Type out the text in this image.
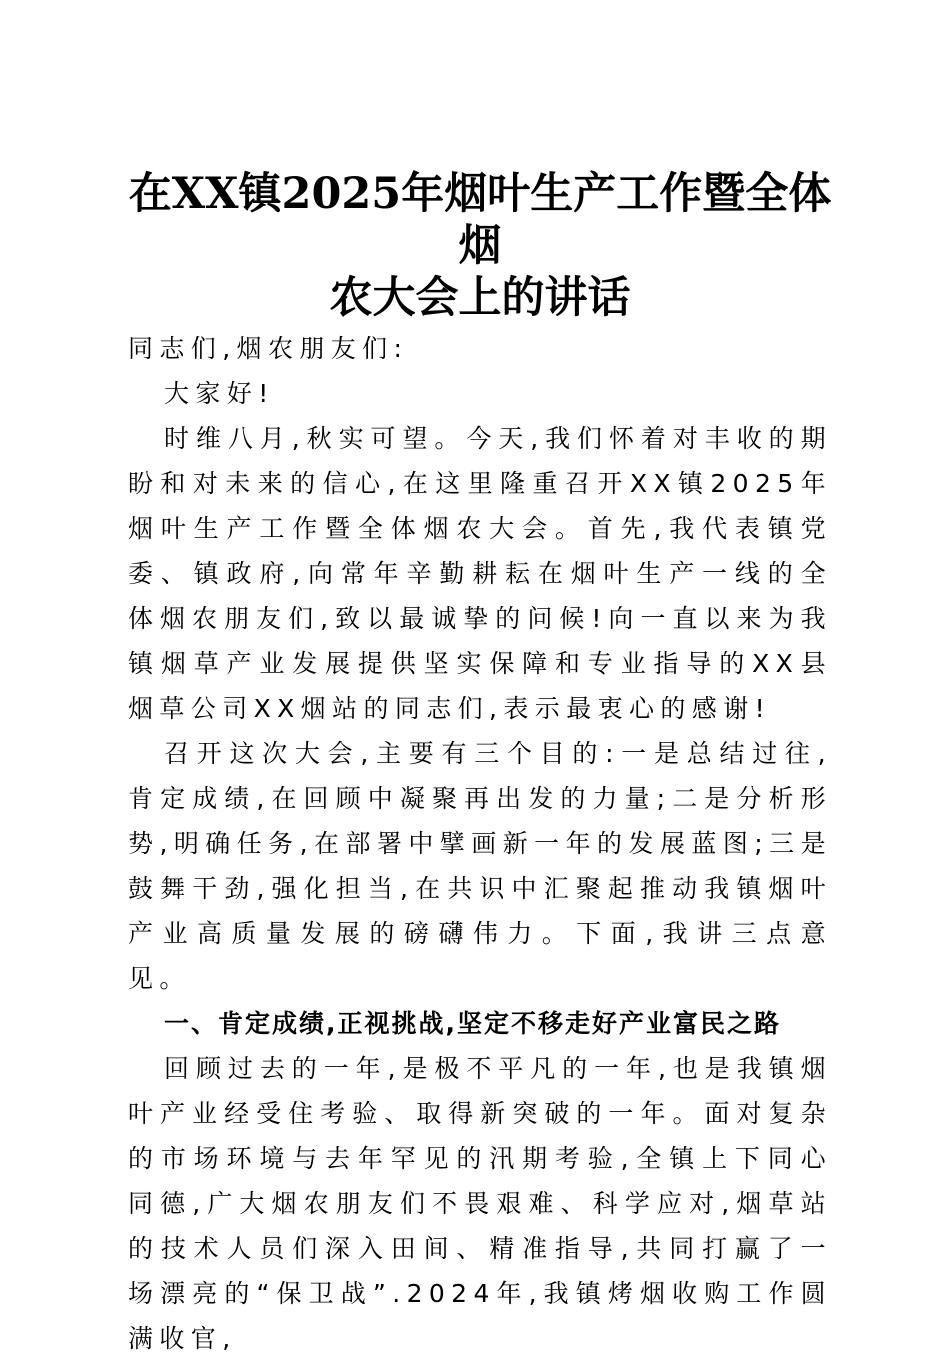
在XX镇2025年烟叶生产工作暨全体烟
农大会上的讲话

同志们,烟农朋友们:

大家好!

时维八月,秋实可望。今天,我们怀着对丰收的期盼和对未来的信心,在这里隆重召开XX镇2025年烟叶生产工作暨全体烟农大会。首先,我代表镇党委、镇政府,向常年辛勤耕耘在烟叶生产一线的全体烟农朋友们,致以最诚挚的问候!向一直以来为我镇烟草产业发展提供坚实保障和专业指导的XX县烟草公司XX烟站的同志们,表示最衷心的感谢!

召开这次大会,主要有三个目的:一是总结过往,肯定成绩,在回顾中凝聚再出发的力量;二是分析形势,明确任务,在部署中擘画新一年的发展蓝图;三是鼓舞干劲,强化担当,在共识中汇聚起推动我镇烟叶产业高质量发展的磅礴伟力。下面,我讲三点意见。

一、肯定成绩,正视挑战,坚定不移走好产业富民之路

回顾过去的一年,是极不平凡的一年,也是我镇烟叶产业经受住考验、取得新突破的一年。面对复杂的市场环境与去年罕见的汛期考验,全镇上下同心同德,广大烟农朋友们不畏艰难、科学应对,烟草站的技术人员们深入田间、精准指导,共同打赢了一场漂亮的“保卫战”.2024年,我镇烤烟收购工作圆满收官,
